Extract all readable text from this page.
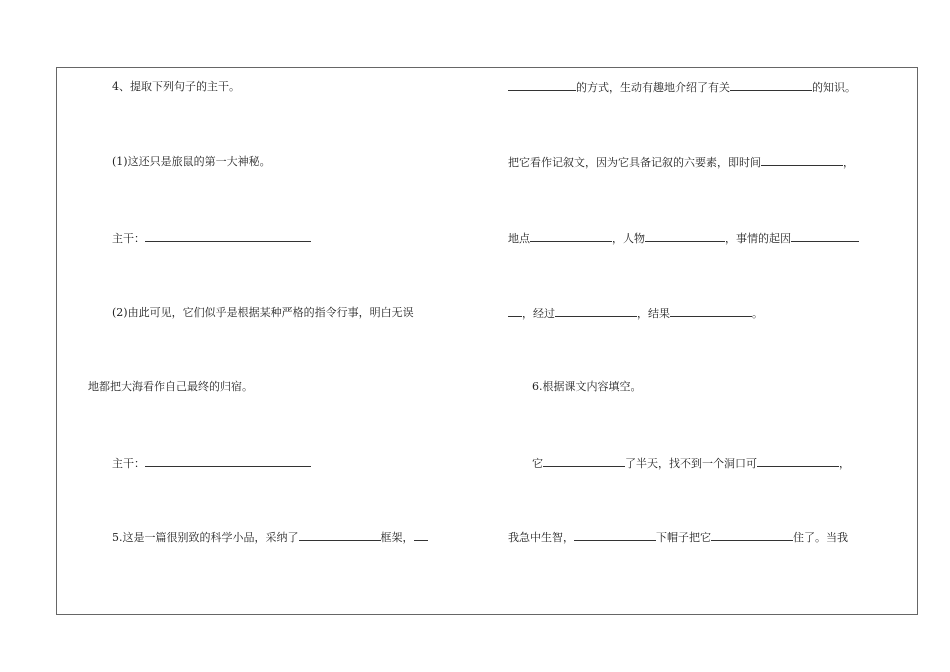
4、提取下列句子的主干。
(1)这还只是旅鼠的第一大神秘。
主干：
(2)由此可见，它们似乎是根据某种严格的指令行事，明白无误
地都把大海看作自己最终的归宿。
主干：
5.这是一篇很别致的科学小品，采纳了	框架，
的方式，生动有趣地介绍了有关	的知识。
把它看作记叙文，因为它具备记叙的六要素，即时间	，
地点	，人物	，事情的起因
，经过	，结果	。
6.根据课文内容填空。
它	了半天，找不到一个洞口可	，
我急中生智，	下帽子把它	住了。当我
